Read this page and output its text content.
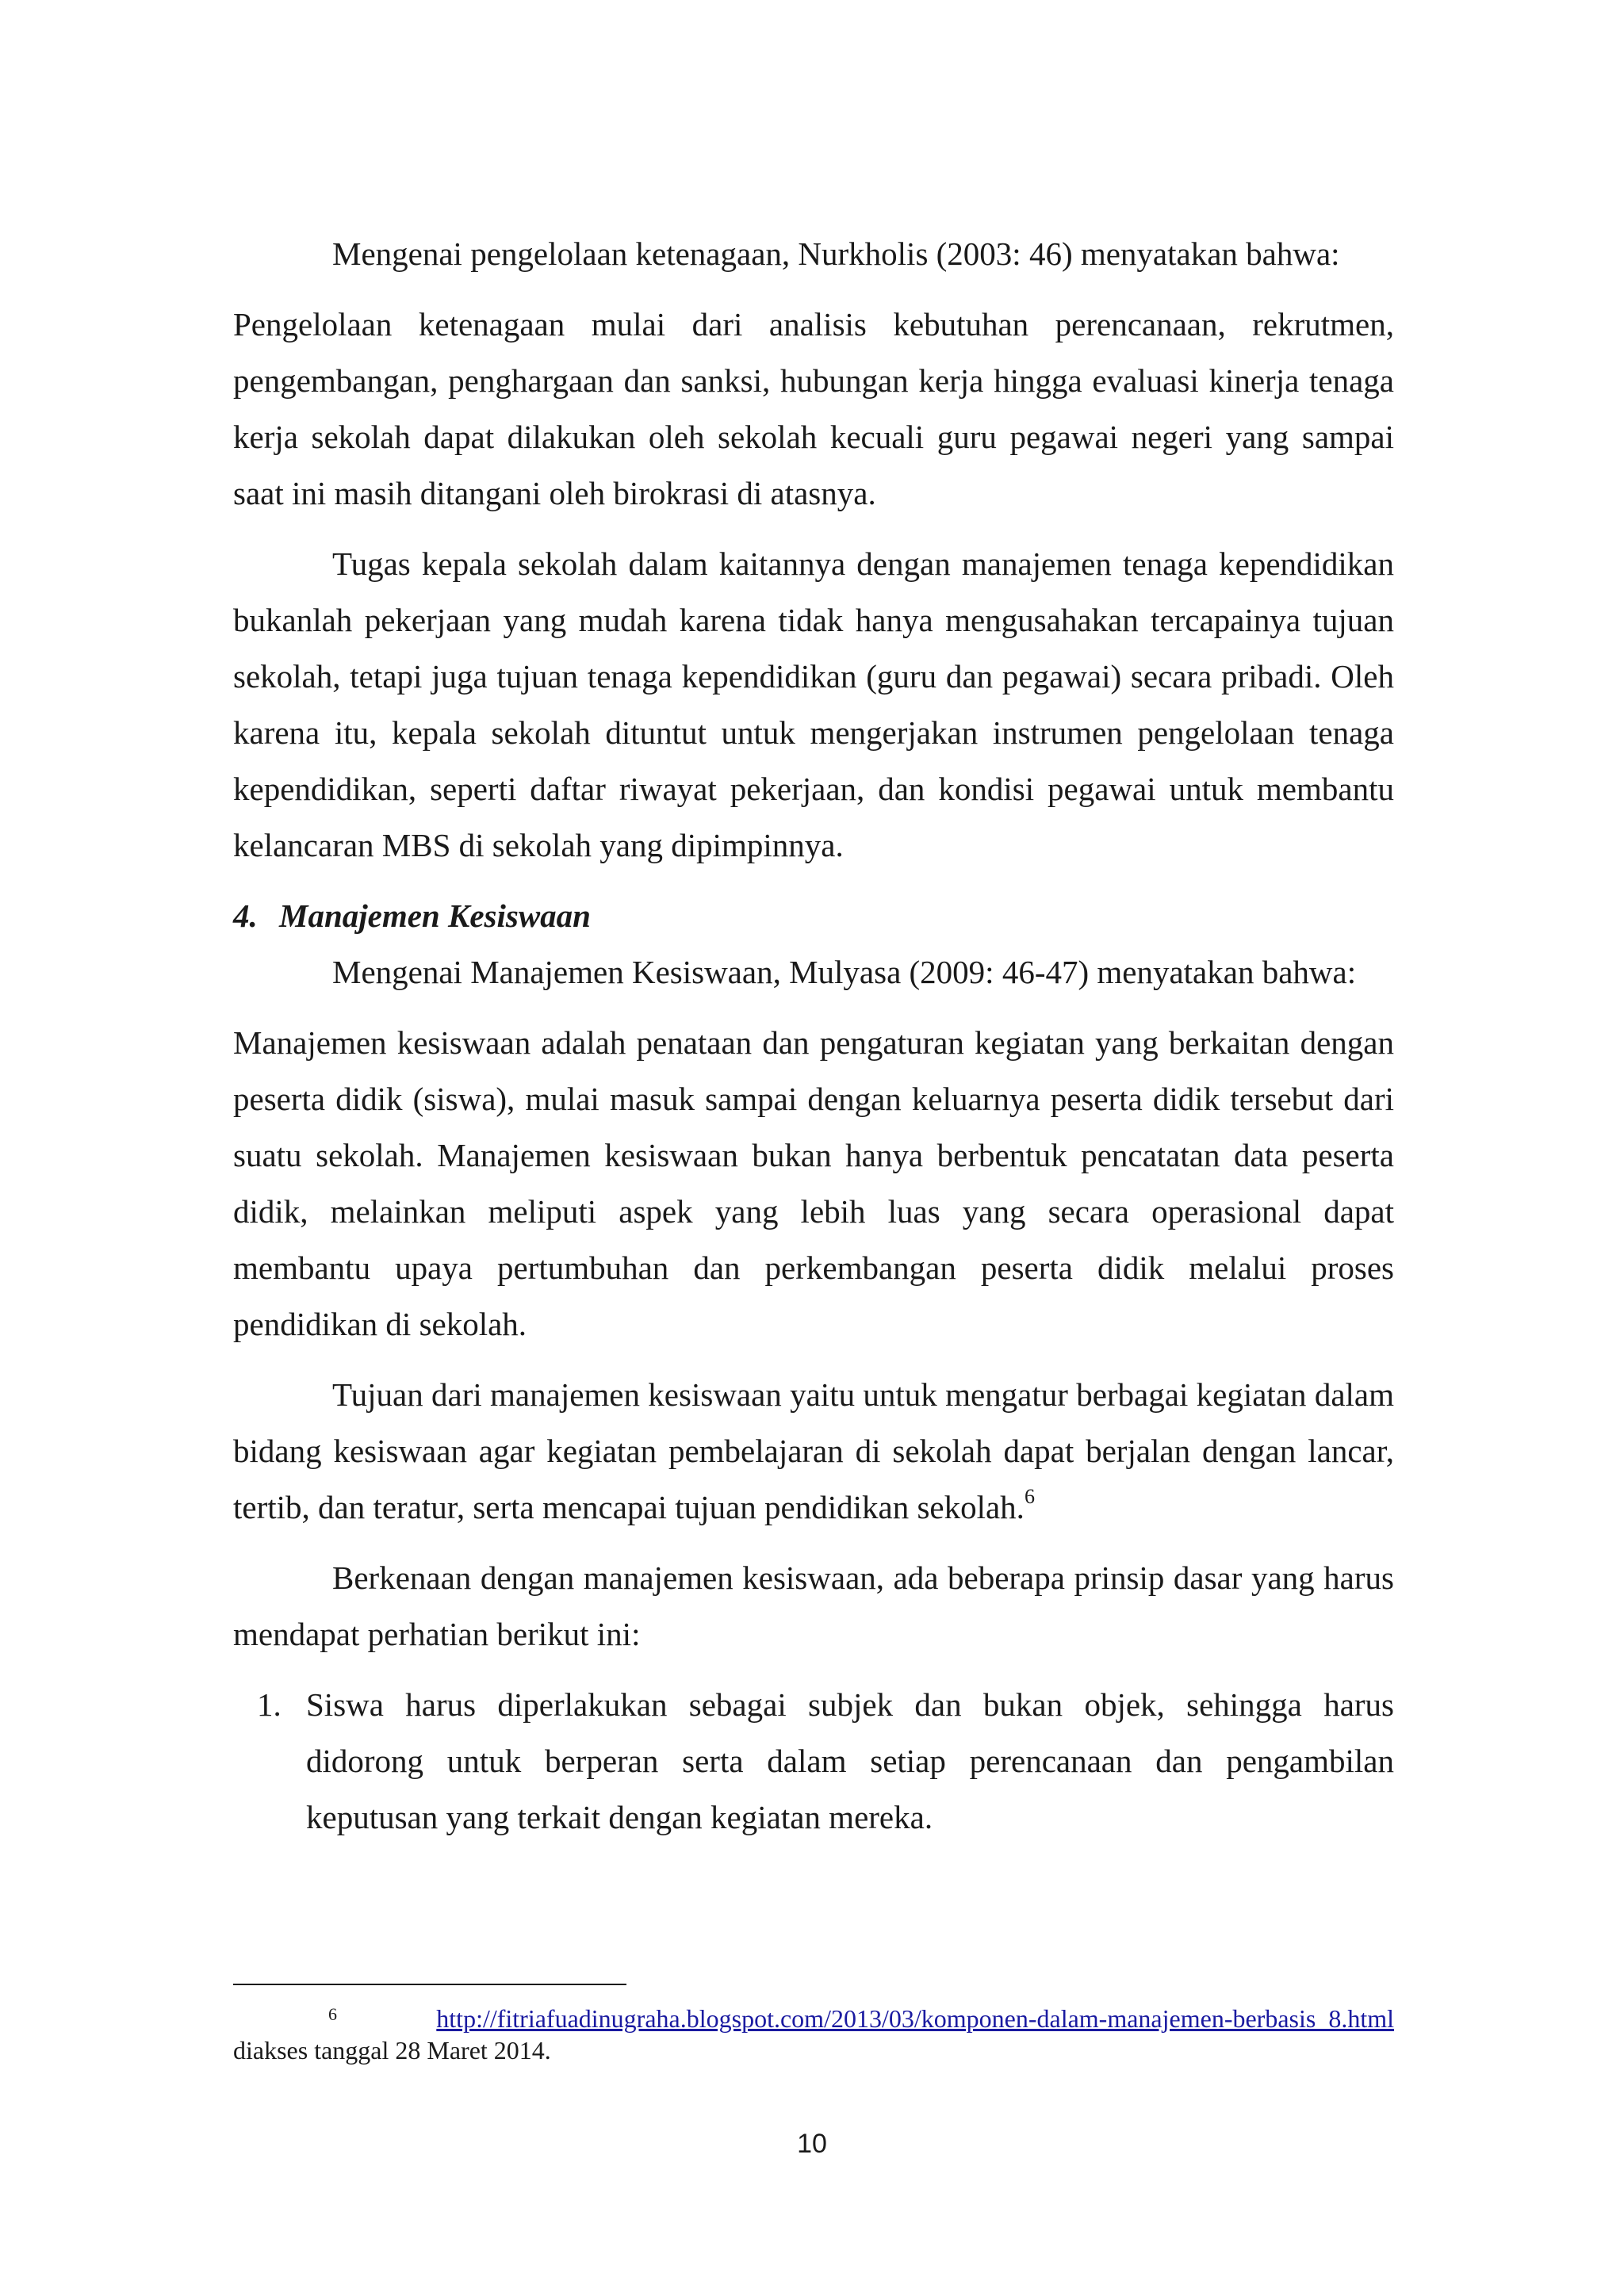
Mengenai pengelolaan ketenagaan, Nurkholis (2003: 46) menyatakan bahwa:

Pengelolaan ketenagaan mulai dari analisis kebutuhan perencanaan, rekrutmen, pengembangan, penghargaan dan sanksi, hubungan kerja hingga evaluasi kinerja tenaga kerja sekolah dapat dilakukan oleh sekolah kecuali guru pegawai negeri yang sampai saat ini masih ditangani oleh birokrasi di atasnya.

Tugas kepala sekolah dalam kaitannya dengan manajemen tenaga kependidikan bukanlah pekerjaan yang mudah karena tidak hanya mengusahakan tercapainya tujuan sekolah, tetapi juga tujuan tenaga kependidikan (guru dan pegawai) secara pribadi. Oleh karena itu, kepala sekolah dituntut untuk mengerjakan instrumen pengelolaan tenaga kependidikan, seperti daftar riwayat pekerjaan, dan kondisi pegawai untuk membantu kelancaran MBS di sekolah yang dipimpinnya.

4. Manajemen Kesiswaan

Mengenai Manajemen Kesiswaan, Mulyasa (2009: 46-47) menyatakan bahwa:

Manajemen kesiswaan adalah penataan dan pengaturan kegiatan yang berkaitan dengan peserta didik (siswa), mulai masuk sampai dengan keluarnya peserta didik tersebut dari suatu sekolah. Manajemen kesiswaan bukan hanya berbentuk pencatatan data peserta didik, melainkan meliputi aspek yang lebih luas yang secara operasional dapat membantu upaya pertumbuhan dan perkembangan peserta didik melalui proses pendidikan di sekolah.

Tujuan dari manajemen kesiswaan yaitu untuk mengatur berbagai kegiatan dalam bidang kesiswaan agar kegiatan pembelajaran di sekolah dapat berjalan dengan lancar, tertib, dan teratur, serta mencapai tujuan pendidikan sekolah.$^6$

Berkenaan dengan manajemen kesiswaan, ada beberapa prinsip dasar yang harus mendapat perhatian berikut ini:

1. Siswa harus diperlakukan sebagai subjek dan bukan objek, sehingga harus didorong untuk berperan serta dalam setiap perencanaan dan pengambilan keputusan yang terkait dengan kegiatan mereka.
6	http://fitriafuadinugraha.blogspot.com/2013/03/komponen-dalam-manajemen-berbasis_8.html
diakses tanggal 28 Maret 2014.
10
